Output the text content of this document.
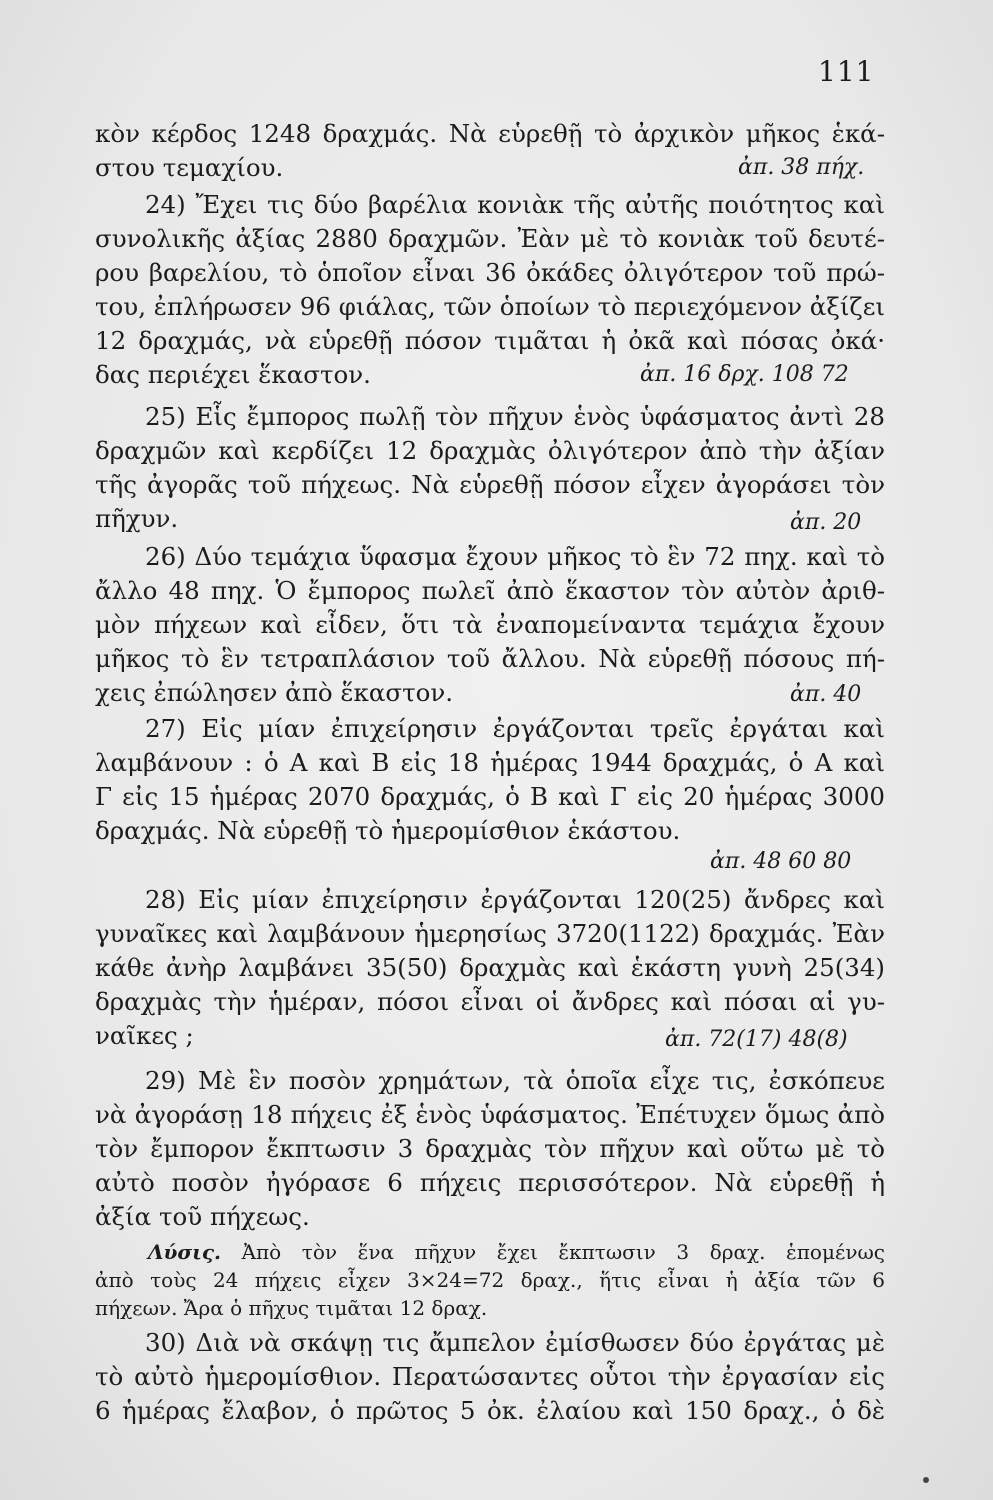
111
κὸν κέρδος 1248 δραχμάς. Νὰ εὑρεθῇ τὸ ἀρχικὸν μῆκος ἑκά-
στου τεμαχίου.	ἀπ. 38 πήχ.
24) Ἔχει τις δύο βαρέλια κονιὰκ τῆς αὐτῆς ποιότητος καὶ
συνολικῆς ἀξίας 2880 δραχμῶν. Ἐὰν μὲ τὸ κονιὰκ τοῦ δευτέ-
ρου βαρελίου, τὸ ὁποῖον εἶναι 36 ὀκάδες ὀλιγότερον τοῦ πρώ-
του, ἐπλήρωσεν 96 φιάλας, τῶν ὁποίων τὸ περιεχόμενον ἀξίζει
12 δραχμάς, νὰ εὑρεθῇ πόσον τιμᾶται ἡ ὀκᾶ καὶ πόσας ὀκά·
δας περιέχει ἕκαστον.	ἀπ. 16 δρχ. 108 72
25) Εἷς ἔμπορος πωλῇ τὸν πῆχυν ἑνὸς ὑφάσματος ἀντὶ 28
δραχμῶν καὶ κερδίζει 12 δραχμὰς ὀλιγότερον ἀπὸ τὴν ἀξίαν
τῆς ἀγορᾶς τοῦ πήχεως. Νὰ εὑρεθῇ πόσον εἶχεν ἀγοράσει τὸν
πῆχυν.	ἀπ. 20
26) Δύο τεμάχια ὕφασμα ἔχουν μῆκος τὸ ἓν 72 πηχ. καὶ τὸ
ἄλλο 48 πηχ. Ὁ ἔμπορος πωλεῖ ἀπὸ ἕκαστον τὸν αὐτὸν ἀριθ-
μὸν πήχεων καὶ εἶδεν, ὅτι τὰ ἐναπομείναντα τεμάχια ἔχουν
μῆκος τὸ ἓν τετραπλάσιον τοῦ ἄλλου. Νὰ εὑρεθῇ πόσους πή-
χεις ἐπώλησεν ἀπὸ ἕκαστον.	ἀπ. 40
27) Εἰς μίαν ἐπιχείρησιν ἐργάζονται τρεῖς ἐργάται καὶ
λαμβάνουν : ὁ Α καὶ Β εἰς 18 ἡμέρας 1944 δραχμάς, ὁ Α καὶ
Γ εἰς 15 ἡμέρας 2070 δραχμάς, ὁ Β καὶ Γ εἰς 20 ἡμέρας 3000
δραχμάς. Νὰ εὑρεθῇ τὸ ἡμερομίσθιον ἑκάστου.
ἀπ. 48 60 80
28) Εἰς μίαν ἐπιχείρησιν ἐργάζονται 120(25) ἄνδρες καὶ
γυναῖκες καὶ λαμβάνουν ἡμερησίως 3720(1122) δραχμάς. Ἐὰν
κάθε ἀνὴρ λαμβάνει 35(50) δραχμὰς καὶ ἑκάστη γυνὴ 25(34)
δραχμὰς τὴν ἡμέραν, πόσοι εἶναι οἱ ἄνδρες καὶ πόσαι αἱ γυ-
ναῖκες ;	ἀπ. 72(17) 48(8)
29) Μὲ ἓν ποσὸν χρημάτων, τὰ ὁποῖα εἶχε τις, ἐσκόπευε
νὰ ἀγοράσῃ 18 πήχεις ἐξ ἑνὸς ὑφάσματος. Ἐπέτυχεν ὅμως ἀπὸ
τὸν ἔμπορον ἔκπτωσιν 3 δραχμὰς τὸν πῆχυν καὶ οὕτω μὲ τὸ
αὐτὸ ποσὸν ἠγόρασε 6 πήχεις περισσότερον. Νὰ εὑρεθῇ ἡ
ἀξία τοῦ πήχεως.
Λύσις. Ἀπὸ τὸν ἕνα πῆχυν ἔχει ἔκπτωσιν 3 δραχ. ἑπομένως
ἀπὸ τοὺς 24 πήχεις εἶχεν 3×24=72 δραχ., ἥτις εἶναι ἡ ἀξία τῶν 6
πήχεων. Ἄρα ὁ πῆχυς τιμᾶται 12 δραχ.
30) Διὰ νὰ σκάψῃ τις ἄμπελον ἐμίσθωσεν δύο ἐργάτας μὲ
τὸ αὐτὸ ἡμερομίσθιον. Περατώσαντες οὗτοι τὴν ἐργασίαν εἰς
6 ἡμέρας ἔλαβον, ὁ πρῶτος 5 ὀκ. ἐλαίου καὶ 150 δραχ., ὁ δὲ
